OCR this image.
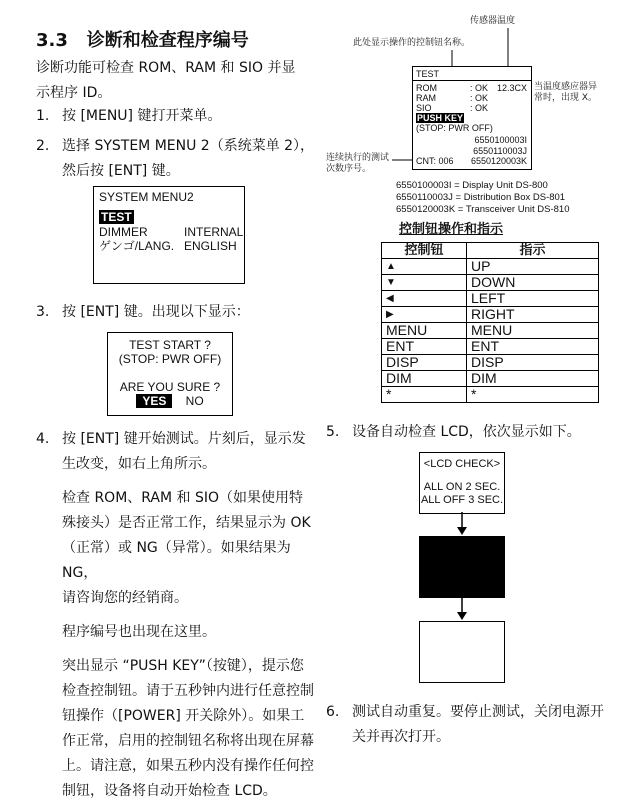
3.3 诊断和检查程序编号
诊断功能可检查 ROM、RAM 和 SIO 并显
示程序 ID。
1. 按 [MENU] 键打开菜单。
2. 选择 SYSTEM MENU 2（系统菜单 2），
然后按 [ENT] 键。
SYSTEM MENU2
TEST
DIMMER	INTERNAL
ゲンゴ/LANG. ENGLISH
3. 按 [ENT] 键。出现以下显示：
TEST START ?
(STOP: PWR OFF)
ARE YOU SURE ?
YES NO
4. 按 [ENT] 键开始测试。片刻后，显示发
生改变，如右上角所示。
检查 ROM、RAM 和 SIO（如果使用特
殊接头）是否正常工作，结果显示为 OK
（正常）或 NG（异常）。如果结果为 NG，
请咨询您的经销商。
程序编号也出现在这里。
突出显示 “PUSH KEY”（按键），提示您
检查控制钮。请于五秒钟内进行任意控制
钮操作（[POWER] 开关除外）。如果工
作正常，启用的控制钮名称将出现在屏幕
上。请注意，如果五秒内没有操作任何控
制钮，设备将自动开始检查 LCD。
传感器温度
此处显示操作的控制钮名称。
当温度感应器异
常时，出现 X。
连续执行的测试
次数序号。
TEST
ROM	: OK 12.3CX
RAM	: OK
SIO	: OK
PUSH KEY
(STOP: PWR OFF)
6550100003I
6550110003J
CNT: 006 6550120003K
6550100003I = Display Unit DS-800
6550110003J = Distribution Box DS-801
6550120003K = Transceiver Unit DS-810
控制钮操作和指示
控制钮	指示
▲	UP
▼	DOWN
◀	LEFT
▶	RIGHT
MENU	MENU
ENT	ENT
DISP	DISP
DIM	DIM
*	*
5. 设备自动检查 LCD，依次显示如下。
<LCD CHECK>
ALL ON 2 SEC.
ALL OFF 3 SEC.
6. 测试自动重复。要停止测试，关闭电源开
关并再次打开。
